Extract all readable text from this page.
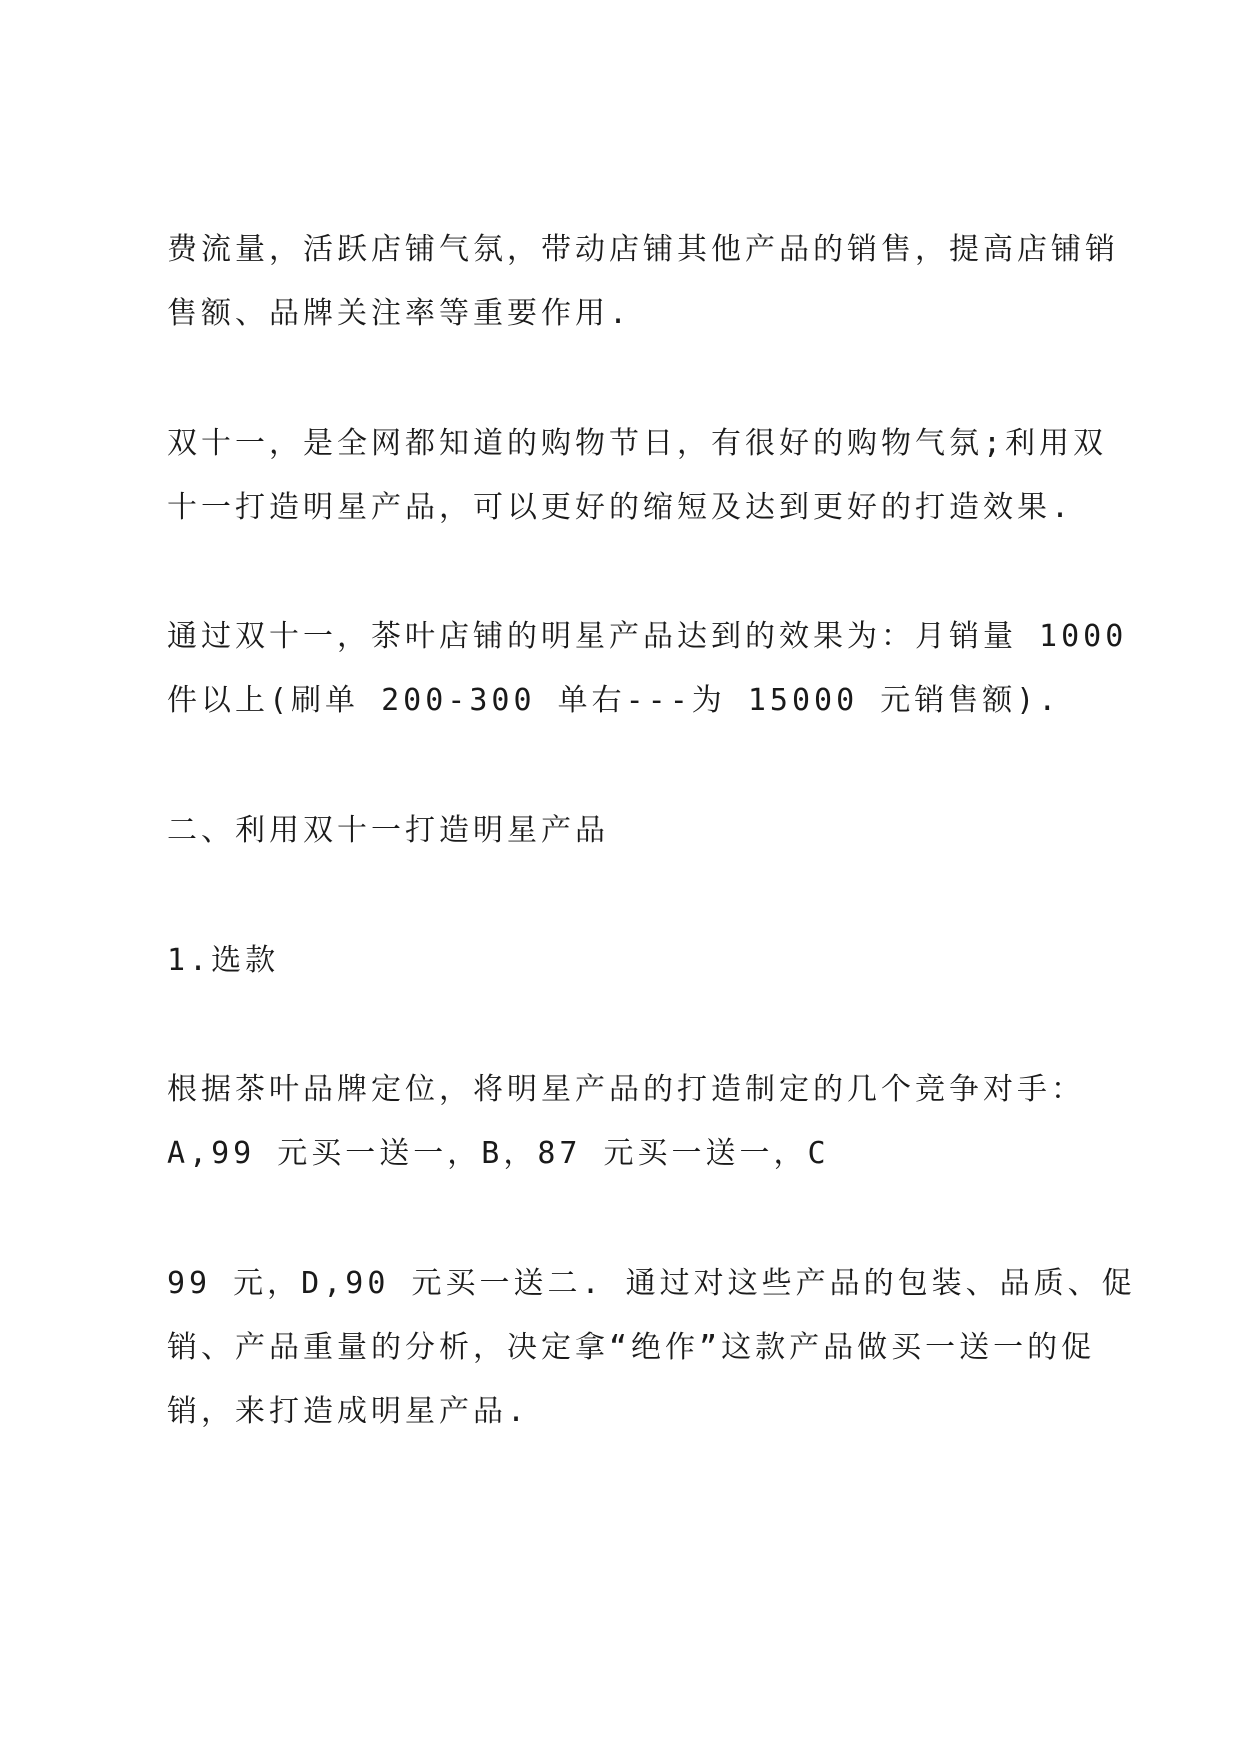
费流量，活跃店铺气氛，带动店铺其他产品的销售，提高店铺销

售额、品牌关注率等重要作用.

双十一，是全网都知道的购物节日，有很好的购物气氛;利用双

十一打造明星产品，可以更好的缩短及达到更好的打造效果.

通过双十一，茶叶店铺的明星产品达到的效果为：月销量 1000

件以上(刷单 200-300 单右---为 15000 元销售额).

二、利用双十一打造明星产品

1.选款

根据茶叶品牌定位，将明星产品的打造制定的几个竞争对手：

A,99 元买一送一，B，87 元买一送一，C

99 元，D,90 元买一送二. 通过对这些产品的包装、品质、促

销、产品重量的分析，决定拿“绝作”这款产品做买一送一的促

销，来打造成明星产品.
